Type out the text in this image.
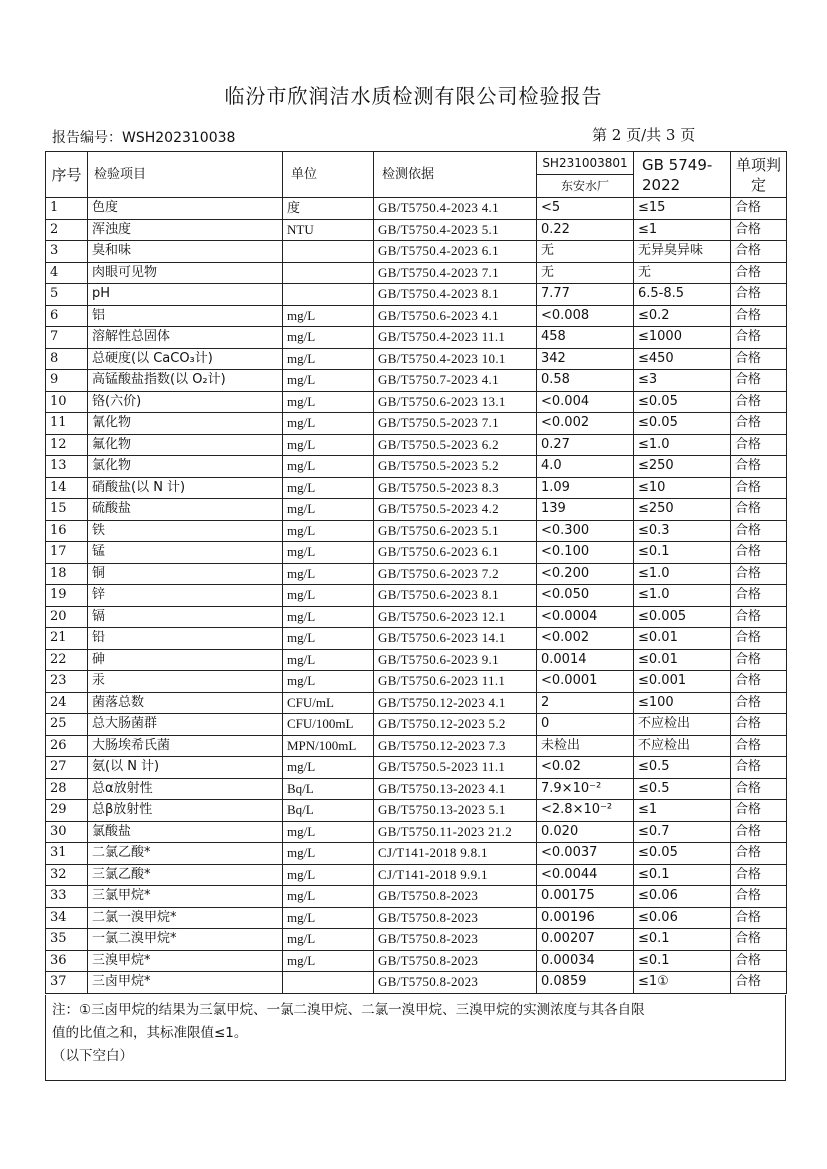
临汾市欣润洁水质检测有限公司检验报告
报告编号：WSH202310038	第 2 页/共 3 页
序号	检验项目	单位	检测依据	SH231003801	GB 5749-2022	单项判定
				东安水厂		
1	色度	度	GB/T5750.4-2023 4.1	<5	≤15	合格
2	浑浊度	NTU	GB/T5750.4-2023 5.1	0.22	≤1	合格
3	臭和味		GB/T5750.4-2023 6.1	无	无异臭异味	合格
4	肉眼可见物		GB/T5750.4-2023 7.1	无	无	合格
5	pH		GB/T5750.4-2023 8.1	7.77	6.5-8.5	合格
6	铝	mg/L	GB/T5750.6-2023 4.1	<0.008	≤0.2	合格
7	溶解性总固体	mg/L	GB/T5750.4-2023 11.1	458	≤1000	合格
8	总硬度(以 CaCO₃计)	mg/L	GB/T5750.4-2023 10.1	342	≤450	合格
9	高锰酸盐指数(以 O₂计)	mg/L	GB/T5750.7-2023 4.1	0.58	≤3	合格
10	铬(六价)	mg/L	GB/T5750.6-2023 13.1	<0.004	≤0.05	合格
11	氰化物	mg/L	GB/T5750.5-2023 7.1	<0.002	≤0.05	合格
12	氟化物	mg/L	GB/T5750.5-2023 6.2	0.27	≤1.0	合格
13	氯化物	mg/L	GB/T5750.5-2023 5.2	4.0	≤250	合格
14	硝酸盐(以 N 计)	mg/L	GB/T5750.5-2023 8.3	1.09	≤10	合格
15	硫酸盐	mg/L	GB/T5750.5-2023 4.2	139	≤250	合格
16	铁	mg/L	GB/T5750.6-2023 5.1	<0.300	≤0.3	合格
17	锰	mg/L	GB/T5750.6-2023 6.1	<0.100	≤0.1	合格
18	铜	mg/L	GB/T5750.6-2023 7.2	<0.200	≤1.0	合格
19	锌	mg/L	GB/T5750.6-2023 8.1	<0.050	≤1.0	合格
20	镉	mg/L	GB/T5750.6-2023 12.1	<0.0004	≤0.005	合格
21	铅	mg/L	GB/T5750.6-2023 14.1	<0.002	≤0.01	合格
22	砷	mg/L	GB/T5750.6-2023 9.1	0.0014	≤0.01	合格
23	汞	mg/L	GB/T5750.6-2023 11.1	<0.0001	≤0.001	合格
24	菌落总数	CFU/mL	GB/T5750.12-2023 4.1	2	≤100	合格
25	总大肠菌群	CFU/100mL	GB/T5750.12-2023 5.2	0	不应检出	合格
26	大肠埃希氏菌	MPN/100mL	GB/T5750.12-2023 7.3	未检出	不应检出	合格
27	氨(以 N 计)	mg/L	GB/T5750.5-2023 11.1	<0.02	≤0.5	合格
28	总α放射性	Bq/L	GB/T5750.13-2023 4.1	7.9×10⁻²	≤0.5	合格
29	总β放射性	Bq/L	GB/T5750.13-2023 5.1	<2.8×10⁻²	≤1	合格
30	氯酸盐	mg/L	GB/T5750.11-2023 21.2	0.020	≤0.7	合格
31	二氯乙酸*	mg/L	CJ/T141-2018 9.8.1	<0.0037	≤0.05	合格
32	三氯乙酸*	mg/L	CJ/T141-2018 9.9.1	<0.0044	≤0.1	合格
33	三氯甲烷*	mg/L	GB/T5750.8-2023	0.00175	≤0.06	合格
34	二氯一溴甲烷*	mg/L	GB/T5750.8-2023	0.00196	≤0.06	合格
35	一氯二溴甲烷*	mg/L	GB/T5750.8-2023	0.00207	≤0.1	合格
36	三溴甲烷*	mg/L	GB/T5750.8-2023	0.00034	≤0.1	合格
37	三卤甲烷*		GB/T5750.8-2023	0.0859	≤1①	合格

注：①三卤甲烷的结果为三氯甲烷、一氯二溴甲烷、二氯一溴甲烷、三溴甲烷的实测浓度与其各自限

值的比值之和，其标准限值≤1。

（以下空白）
